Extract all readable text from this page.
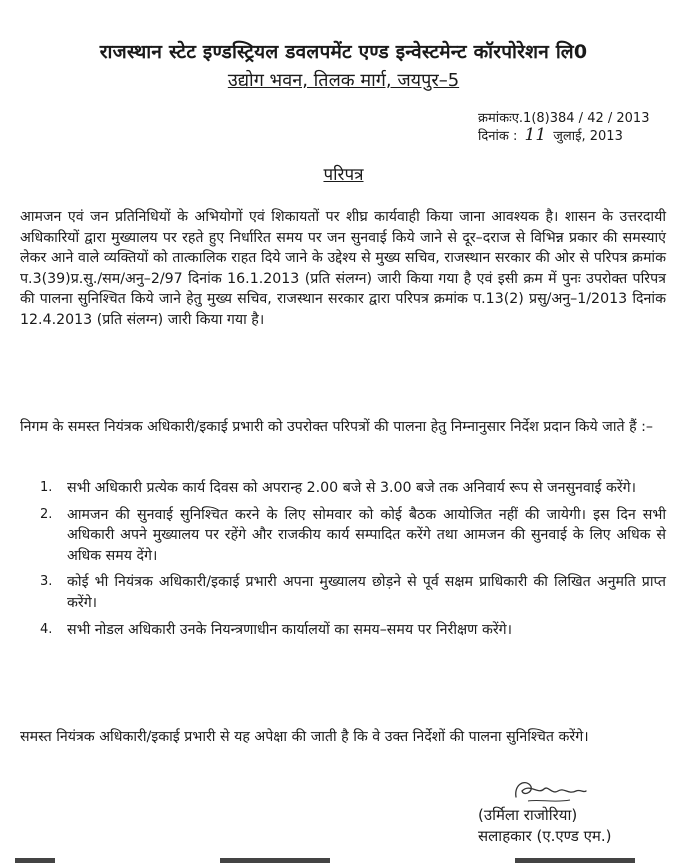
राजस्थान स्टेट इण्डस्ट्रियल डवलपमेंट एण्ड इन्वेस्टमेन्ट कॉरपोरेशन लि0
उद्योग भवन, तिलक मार्ग, जयपुर–5
क्रमांकःए.1(8)384 / 42 / 2013
दिनांक : 11 जुलाई, 2013
परिपत्र
आमजन एवं जन प्रतिनिधियों के अभियोगों एवं शिकायतों पर शीघ्र कार्यवाही किया जाना आवश्यक है। शासन के उत्तरदायी अधिकारियों द्वारा मुख्यालय पर रहते हुए निर्धारित समय पर जन सुनवाई किये जाने से दूर–दराज से विभिन्न प्रकार की समस्याएं लेकर आने वाले व्यक्तियों को तात्कालिक राहत दिये जाने के उद्देश्य से मुख्य सचिव, राजस्थान सरकार की ओर से परिपत्र क्रमांक प.3(39)प्र.सु./सम/अनु–2/97 दिनांक 16.1.2013 (प्रति संलग्न) जारी किया गया है एवं इसी क्रम में पुनः उपरोक्त परिपत्र की पालना सुनिश्चित किये जाने हेतु मुख्य सचिव, राजस्थान सरकार द्वारा परिपत्र क्रमांक प.13(2) प्रसु/अनु–1/2013 दिनांक 12.4.2013 (प्रति संलग्न) जारी किया गया है।
निगम के समस्त नियंत्रक अधिकारी/इकाई प्रभारी को उपरोक्त परिपत्रों की पालना हेतु निम्नानुसार निर्देश प्रदान किये जाते हैं :–
1. सभी अधिकारी प्रत्येक कार्य दिवस को अपरान्ह 2.00 बजे से 3.00 बजे तक अनिवार्य रूप से जनसुनवाई करेंगे।
2. आमजन की सुनवाई सुनिश्चित करने के लिए सोमवार को कोई बैठक आयोजित नहीं की जायेगी। इस दिन सभी अधिकारी अपने मुख्यालय पर रहेंगे और राजकीय कार्य सम्पादित करेंगे तथा आमजन की सुनवाई के लिए अधिक से अधिक समय देंगे।
3. कोई भी नियंत्रक अधिकारी/इकाई प्रभारी अपना मुख्यालय छोड़ने से पूर्व सक्षम प्राधिकारी की लिखित अनुमति प्राप्त करेंगे।
4. सभी नोडल अधिकारी उनके नियन्त्रणाधीन कार्यालयों का समय–समय पर निरीक्षण करेंगे।
समस्त नियंत्रक अधिकारी/इकाई प्रभारी से यह अपेक्षा की जाती है कि वे उक्त निर्देशों की पालना सुनिश्चित करेंगे।
(उर्मिला राजोरिया)
सलाहकार (ए.एण्ड एम.)
